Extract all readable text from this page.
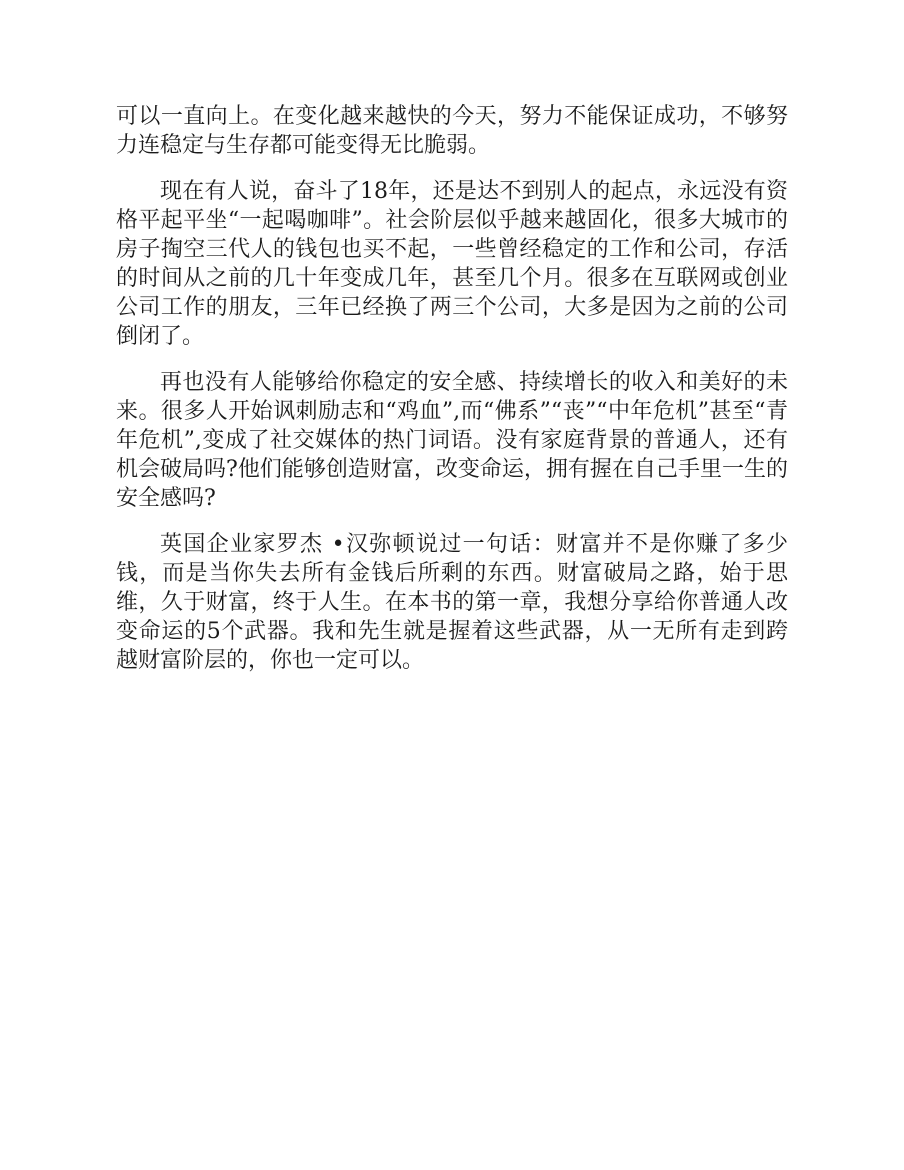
可以一直向上。在变化越来越快的今天，努力不能保证成功，不够努力连稳定与生存都可能变得无比脆弱。

现在有人说，奋斗了18年，还是达不到别人的起点，永远没有资格平起平坐“一起喝咖啡”。社会阶层似乎越来越固化，很多大城市的房子掏空三代人的钱包也买不起，一些曾经稳定的工作和公司，存活的时间从之前的几十年变成几年，甚至几个月。很多在互联网或创业公司工作的朋友，三年已经换了两三个公司，大多是因为之前的公司倒闭了。

再也没有人能够给你稳定的安全感、持续增长的收入和美好的未来。很多人开始讽刺励志和“鸡血”,而“佛系”“丧”“中年危机”甚至“青年危机”,变成了社交媒体的热门词语。没有家庭背景的普通人，还有机会破局吗?他们能够创造财富，改变命运，拥有握在自己手里一生的安全感吗?

英国企业家罗杰 •汉弥顿说过一句话：财富并不是你赚了多少钱，而是当你失去所有金钱后所剩的东西。财富破局之路，始于思维，久于财富，终于人生。在本书的第一章，我想分享给你普通人改变命运的5个武器。我和先生就是握着这些武器，从一无所有走到跨越财富阶层的，你也一定可以。
